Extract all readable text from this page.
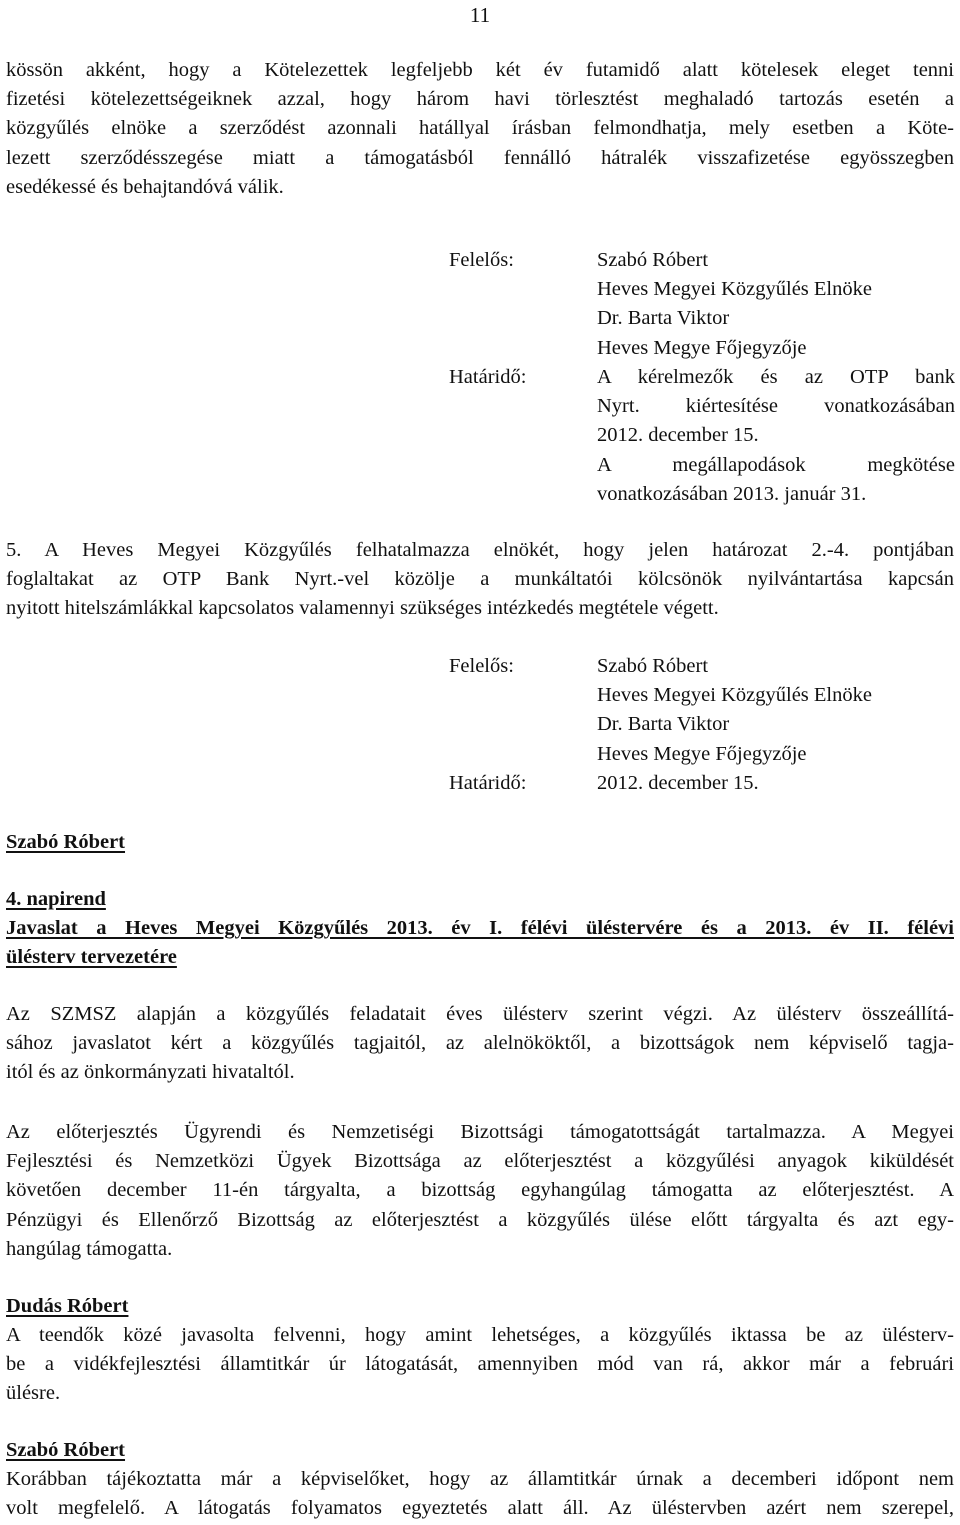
11
kössön akként, hogy a Kötelezettek legfeljebb két év futamidő alatt kötelesek eleget tenni
fizetési kötelezettségeiknek azzal, hogy három havi törlesztést meghaladó tartozás esetén a
közgyűlés elnöke a szerződést azonnali hatállyal írásban felmondhatja, mely esetben a Köte-
lezett szerződésszegése miatt a támogatásból fennálló hátralék visszafizetése egyösszegben
esedékessé és behajtandóvá válik.
Felelős:	Szabó Róbert
Heves Megyei Közgyűlés Elnöke
Dr. Barta Viktor
Heves Megye Főjegyzője
Határidő:	A kérelmezők és az OTP bank
Nyrt. kiértesítése vonatkozásában
2012. december 15.
A megállapodások megkötése
vonatkozásában 2013. január 31.
5. A Heves Megyei Közgyűlés felhatalmazza elnökét, hogy jelen határozat 2.-4. pontjában
foglaltakat az OTP Bank Nyrt.-vel közölje a munkáltatói kölcsönök nyilvántartása kapcsán
nyitott hitelszámlákkal kapcsolatos valamennyi szükséges intézkedés megtétele végett.
Felelős:	Szabó Róbert
Heves Megyei Közgyűlés Elnöke
Dr. Barta Viktor
Heves Megye Főjegyzője
Határidő:	2012. december 15.
Szabó Róbert
4. napirend
Javaslat a Heves Megyei Közgyűlés 2013. év I. félévi üléstervére és a 2013. év II. félévi
ülésterv tervezetére
Az SZMSZ alapján a közgyűlés feladatait éves ülésterv szerint végzi. Az ülésterv összeállítá-
sához javaslatot kért a közgyűlés tagjaitól, az alelnököktől, a bizottságok nem képviselő tagja-
itól és az önkormányzati hivataltól.
Az előterjesztés Ügyrendi és Nemzetiségi Bizottsági támogatottságát tartalmazza. A Megyei
Fejlesztési és Nemzetközi Ügyek Bizottsága az előterjesztést a közgyűlési anyagok kiküldését
követően december 11-én tárgyalta, a bizottság egyhangúlag támogatta az előterjesztést. A
Pénzügyi és Ellenőrző Bizottság az előterjesztést a közgyűlés ülése előtt tárgyalta és azt egy-
hangúlag támogatta.
Dudás Róbert
A teendők közé javasolta felvenni, hogy amint lehetséges, a közgyűlés iktassa be az ülésterv-
be a vidékfejlesztési államtitkár úr látogatását, amennyiben mód van rá, akkor már a februári
ülésre.
Szabó Róbert
Korábban tájékoztatta már a képviselőket, hogy az államtitkár úrnak a decemberi időpont nem
volt megfelelő. A látogatás folyamatos egyeztetés alatt áll. Az üléstervben azért nem szerepel,
